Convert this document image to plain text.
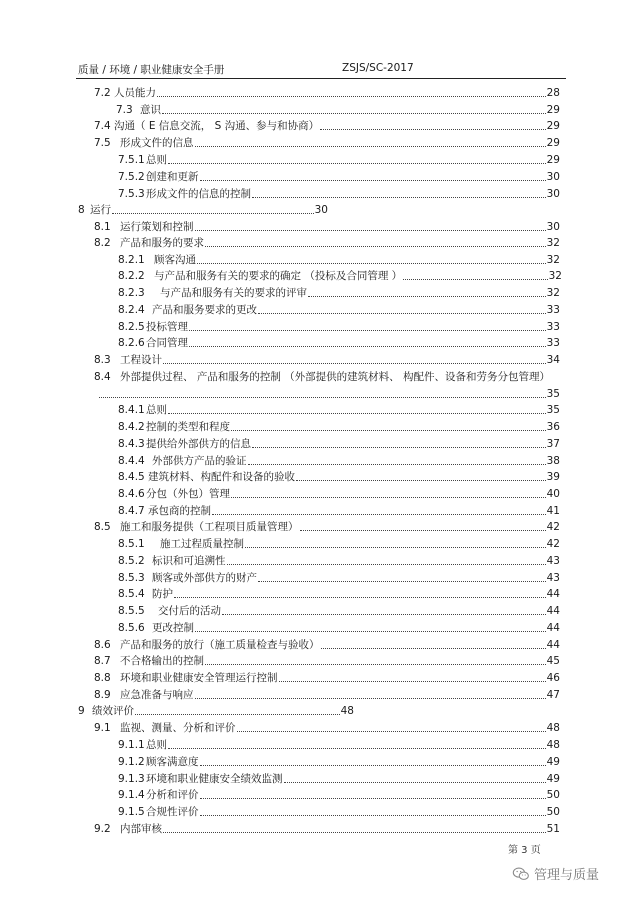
质量 / 环境 / 职业健康安全手册	ZSJS/SC-2017
7.2 人员能力	28
7.3 意识	29
7.4 沟通（ E 信息交流， S 沟通、参与和协商）	29
7.5 形成文件的信息	29
7.5.1 总则	29
7.5.2 创建和更新	30
7.5.3 形成文件的信息的控制	30
8 运行	30
8.1 运行策划和控制	30
8.2 产品和服务的要求	32
8.2.1 顾客沟通	32
8.2.2 与产品和服务有关的要求的确定 （投标及合同管理 ）	32
8.2.3	与产品和服务有关的要求的评审	32
8.2.4 产品和服务要求的更改	33
8.2.5 投标管理	33
8.2.6 合同管理	33
8.3 工程设计	34
8.4 外部提供过程、 产品和服务的控制 （外部提供的建筑材料、 构配件、设备和劳务分包管理）
35
8.4.1 总则	35
8.4.2 控制的类型和程度	36
8.4.3 提供给外部供方的信息	37
8.4.4 外部供方产品的验证	38
8.4.5 建筑材料、构配件和设备的验收	39
8.4.6 分包（外包）管理	40
8.4.7 承包商的控制	41
8.5 施工和服务提供（工程项目质量管理）	42
8.5.1	施工过程质量控制	42
8.5.2 标识和可追溯性	43
8.5.3 顾客或外部供方的财产	43
8.5.4 防护	44
8.5.5	交付后的活动	44
8.5.6 更改控制	44
8.6 产品和服务的放行（施工质量检查与验收）	44
8.7 不合格输出的控制	45
8.8 环境和职业健康安全管理运行控制	46
8.9 应急准备与响应	47
9 绩效评价	48
9.1 监视、测量、分析和评价	48
9.1.1 总则	48
9.1.2 顾客满意度	49
9.1.3 环境和职业健康安全绩效监测	49
9.1.4 分析和评价	50
9.1.5 合规性评价	50
9.2 内部审核	51
第 3 页
管理与质量
